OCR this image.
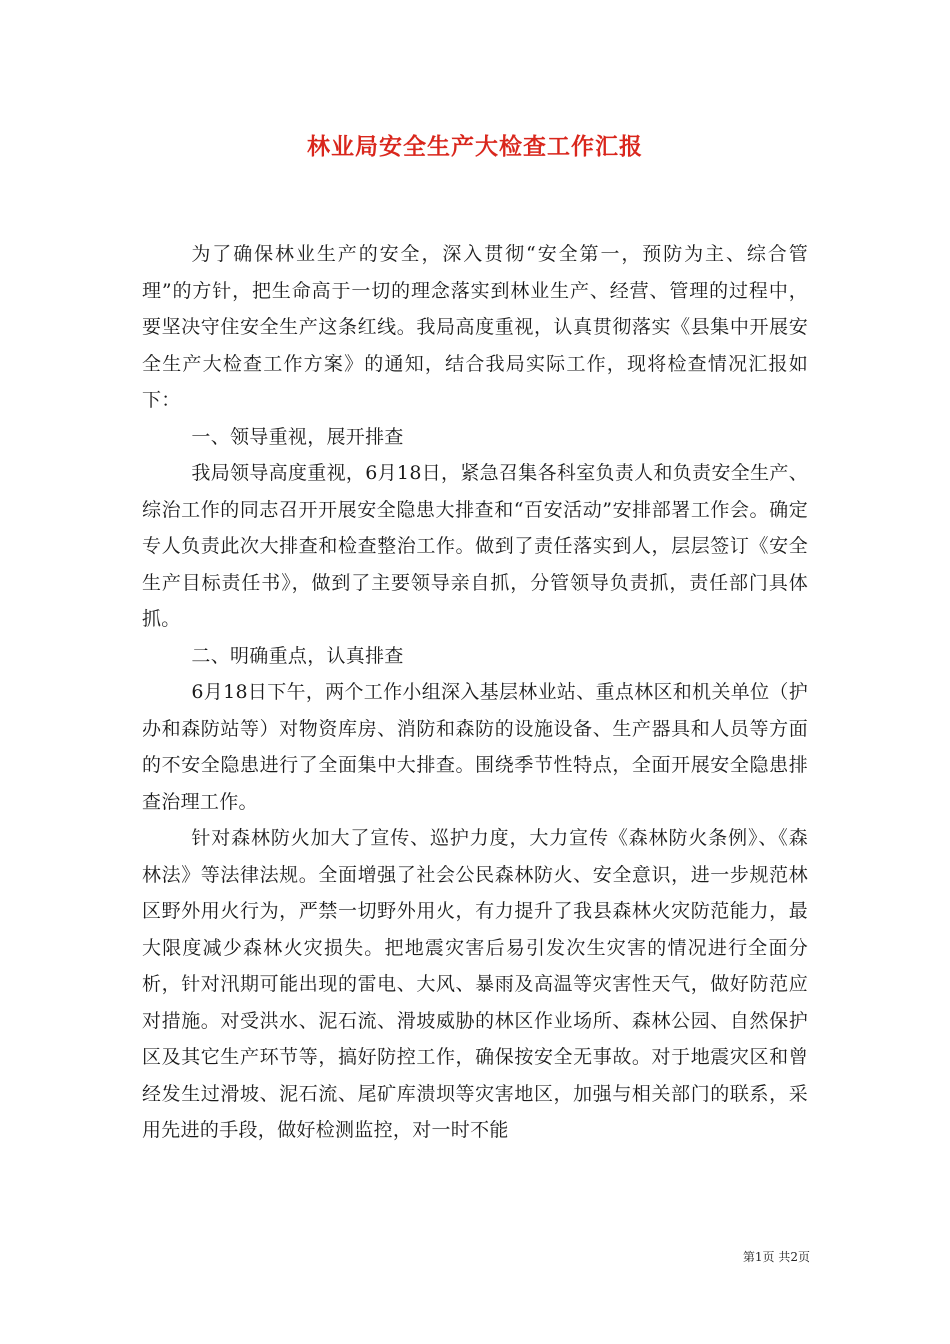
林业局安全生产大检查工作汇报

为了确保林业生产的安全，深入贯彻“安全第一，预防为主、综合管理”的方针，把生命高于一切的理念落实到林业生产、经营、管理的过程中，要坚决守住安全生产这条红线。我局高度重视，认真贯彻落实《县集中开展安全生产大检查工作方案》的通知，结合我局实际工作，现将检查情况汇报如下：

一、领导重视，展开排查

我局领导高度重视，6月18日，紧急召集各科室负责人和负责安全生产、综治工作的同志召开开展安全隐患大排查和“百安活动”安排部署工作会。确定专人负责此次大排查和检查整治工作。做到了责任落实到人，层层签订《安全生产目标责任书》，做到了主要领导亲自抓，分管领导负责抓，责任部门具体抓。

二、明确重点，认真排查

6月18日下午，两个工作小组深入基层林业站、重点林区和机关单位（护办和森防站等）对物资库房、消防和森防的设施设备、生产器具和人员等方面的不安全隐患进行了全面集中大排查。围绕季节性特点，全面开展安全隐患排查治理工作。

针对森林防火加大了宣传、巡护力度，大力宣传《森林防火条例》、《森林法》等法律法规。全面增强了社会公民森林防火、安全意识，进一步规范林区野外用火行为，严禁一切野外用火，有力提升了我县森林火灾防范能力，最大限度减少森林火灾损失。把地震灾害后易引发次生灾害的情况进行全面分析，针对汛期可能出现的雷电、大风、暴雨及高温等灾害性天气，做好防范应对措施。对受洪水、泥石流、滑坡威胁的林区作业场所、森林公园、自然保护区及其它生产环节等，搞好防控工作，确保按安全无事故。对于地震灾区和曾经发生过滑坡、泥石流、尾矿库溃坝等灾害地区，加强与相关部门的联系，采用先进的手段，做好检测监控，对一时不能

第1页 共2页
